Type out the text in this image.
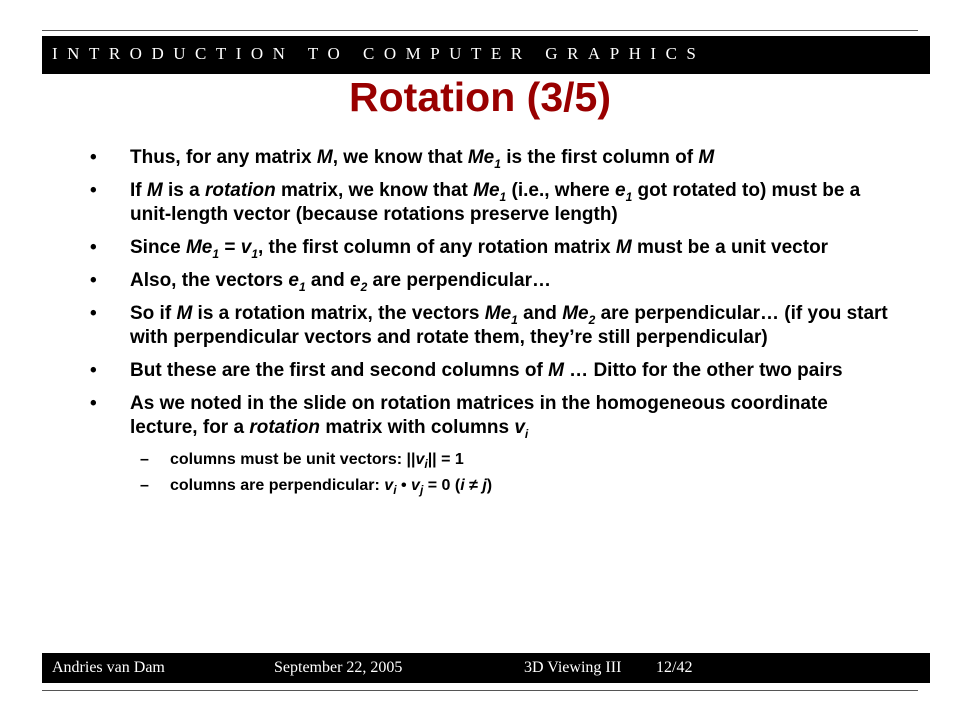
INTRODUCTION TO COMPUTER GRAPHICS
Rotation (3/5)
• Thus, for any matrix M, we know that $Me_1$ is the first column of M
• If M is a rotation matrix, we know that $Me_1$ (i.e., where $e_1$ got rotated to) must be a unit-length vector (because rotations preserve length)
• Since $Me_1 = v_1$, the first column of any rotation matrix M must be a unit vector
• Also, the vectors $e_1$ and $e_2$ are perpendicular…
• So if M is a rotation matrix, the vectors $Me_1$ and $Me_2$ are perpendicular… (if you start with perpendicular vectors and rotate them, they’re still perpendicular)
• But these are the first and second columns of M … Ditto for the other two pairs
• As we noted in the slide on rotation matrices in the homogeneous coordinate lecture, for a rotation matrix with columns $v_i$
– columns must be unit vectors: $||v_i|| = 1$
– columns are perpendicular: $v_i$ • $v_j = 0$ (i ≠ j)
Andries van Dam	September 22, 2005	3D Viewing III 12/42
